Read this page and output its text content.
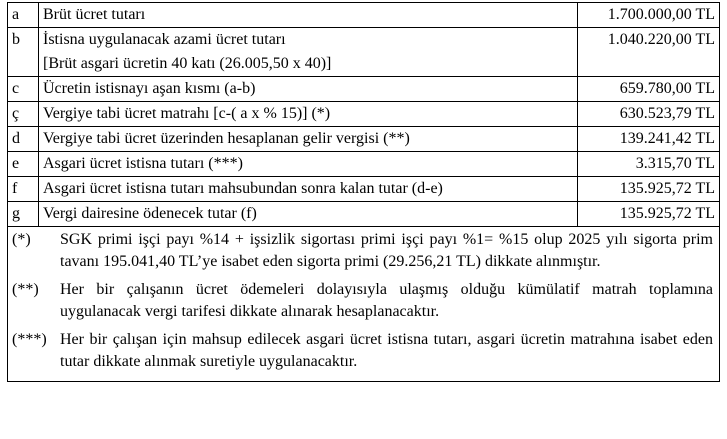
a	Brüt ücret tutarı	1.700.000,00 TL
b	İstisna uygulanacak azami ücret tutarı
[Brüt asgari ücretin 40 katı (26.005,50 x 40)]	1.040.220,00 TL
c	Ücretin istisnayı aşan kısmı (a-b)	659.780,00 TL
ç	Vergiye tabi ücret matrahı [c-( a x % 15)] (*)	630.523,79 TL
d	Vergiye tabi ücret üzerinden hesaplanan gelir vergisi (**)	139.241,42 TL
e	Asgari ücret istisna tutarı (***)	3.315,70 TL
f	Asgari ücret istisna tutarı mahsubundan sonra kalan tutar (d-e)	135.925,72 TL
g	Vergi dairesine ödenecek tutar (f)	135.925,72 TL
(*)	SGK primi işçi payı %14 + işsizlik sigortası primi işçi payı %1= %15 olup 2025 yılı sigorta prim tavanı 195.041,40 TL’ye isabet eden sigorta primi (29.256,21 TL) dikkate alınmıştır.
(**)	Her bir çalışanın ücret ödemeleri dolayısıyla ulaşmış olduğu kümülatif matrah toplamına uygulanacak vergi tarifesi dikkate alınarak hesaplanacaktır.
(***) Her bir çalışan için mahsup edilecek asgari ücret istisna tutarı, asgari ücretin matrahına isabet eden tutar dikkate alınmak suretiyle uygulanacaktır.
